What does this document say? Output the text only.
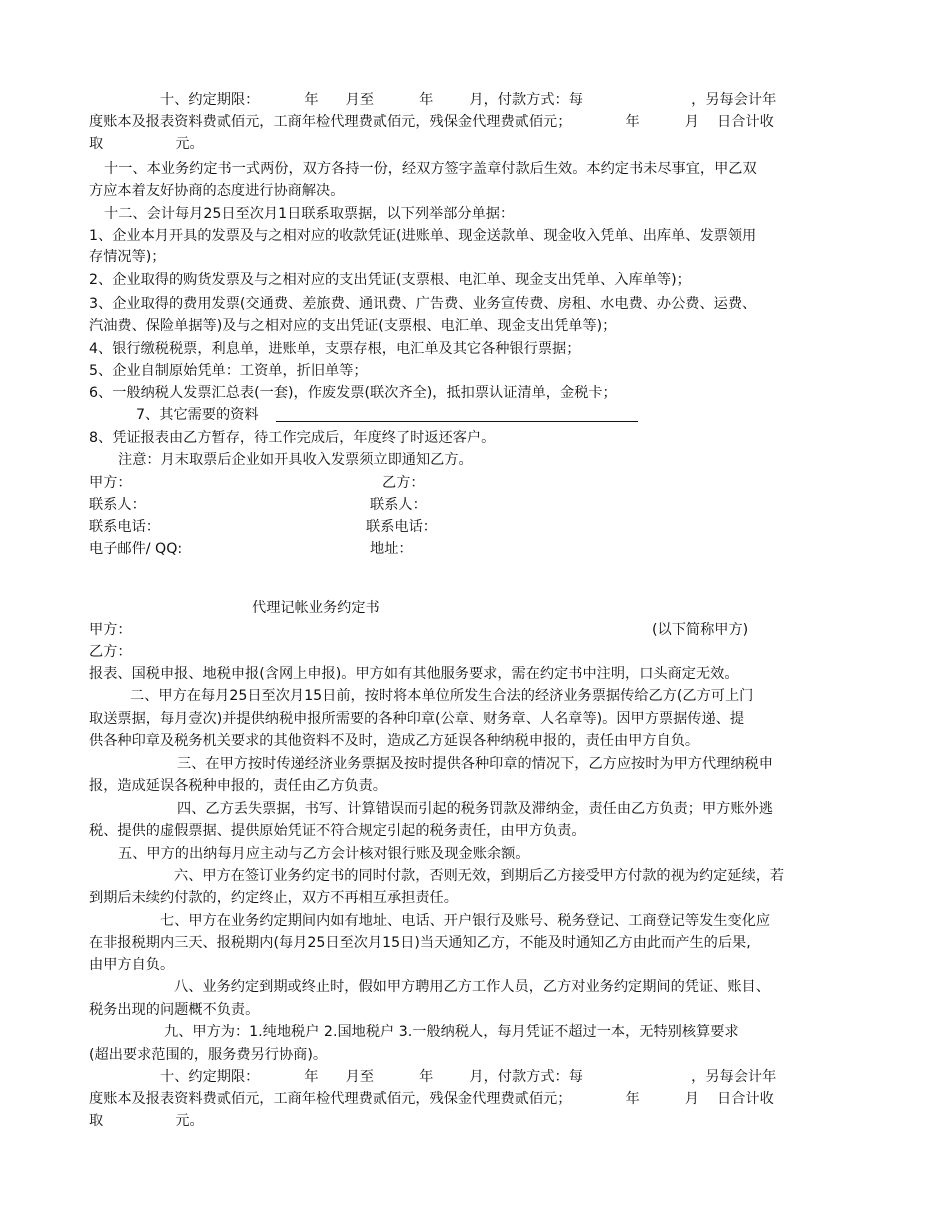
十、约定期限：          年      月至          年        月，付款方式：每                        ，另每会计年
度账本及报表资料费贰佰元，工商年检代理费贰佰元，残保金代理费贰佰元；            年          月    日合计收
取                元。
十一、本业务约定书一式两份，双方各持一份，经双方签字盖章付款后生效。本约定书未尽事宜，甲乙双
方应本着友好协商的态度进行协商解决。
十二、会计每月25日至次月1日联系取票据，以下列举部分单据：
1、企业本月开具的发票及与之相对应的收款凭证(进账单、现金送款单、现金收入凭单、出库单、发票领用
存情况等)；
2、企业取得的购货发票及与之相对应的支出凭证(支票根、电汇单、现金支出凭单、入库单等)；
3、企业取得的费用发票(交通费、差旅费、通讯费、广告费、业务宣传费、房租、水电费、办公费、运费、
汽油费、保险单据等)及与之相对应的支出凭证(支票根、电汇单、现金支出凭单等)；
4、银行缴税税票，利息单，进账单，支票存根，电汇单及其它各种银行票据；
5、企业自制原始凭单：工资单，折旧单等；
6、一般纳税人发票汇总表(一套)，作废发票(联次齐全)，抵扣票认证清单，金税卡；
7、其它需要的资料
8、凭证报表由乙方暂存，待工作完成后，年度终了时返还客户。
注意：月末取票后企业如开具收入发票须立即通知乙方。
甲方：	乙方：
联系人：	联系人：
联系电话：	联系电话：
电子邮件/ QQ:	地址：
代理记帐业务约定书
甲方：	(以下简称甲方)
乙方：
报表、国税申报、地税申报(含网上申报)。甲方如有其他服务要求，需在约定书中注明，口头商定无效。
二、甲方在每月25日至次月15日前，按时将本单位所发生合法的经济业务票据传给乙方(乙方可上门
取送票据，每月壹次)并提供纳税申报所需要的各种印章(公章、财务章、人名章等)。因甲方票据传递、提
供各种印章及税务机关要求的其他资料不及时，造成乙方延误各种纳税申报的，责任由甲方自负。
三、在甲方按时传递经济业务票据及按时提供各种印章的情况下，乙方应按时为甲方代理纳税申
报，造成延误各税种申报的，责任由乙方负责。
四、乙方丢失票据，书写、计算错误而引起的税务罚款及滞纳金，责任由乙方负责；甲方账外逃
税、提供的虚假票据、提供原始凭证不符合规定引起的税务责任，由甲方负责。
五、甲方的出纳每月应主动与乙方会计核对银行账及现金账余额。
六、甲方在签订业务约定书的同时付款，否则无效，到期后乙方接受甲方付款的视为约定延续，若
到期后未续约付款的，约定终止，双方不再相互承担责任。
七、甲方在业务约定期间内如有地址、电话、开户银行及账号、税务登记、工商登记等发生变化应
在非报税期内三天、报税期内(每月25日至次月15日)当天通知乙方，不能及时通知乙方由此而产生的后果,
由甲方自负。
八、业务约定到期或终止时，假如甲方聘用乙方工作人员，乙方对业务约定期间的凭证、账目、
税务出现的问题概不负责。
九、甲方为：1.纯地税户 2.国地税户 3.一般纳税人，每月凭证不超过一本，无特别核算要求
(超出要求范围的，服务费另行协商)。
十、约定期限：          年      月至          年        月，付款方式：每                        ，另每会计年
度账本及报表资料费贰佰元，工商年检代理费贰佰元，残保金代理费贰佰元；            年          月    日合计收
取                元。
